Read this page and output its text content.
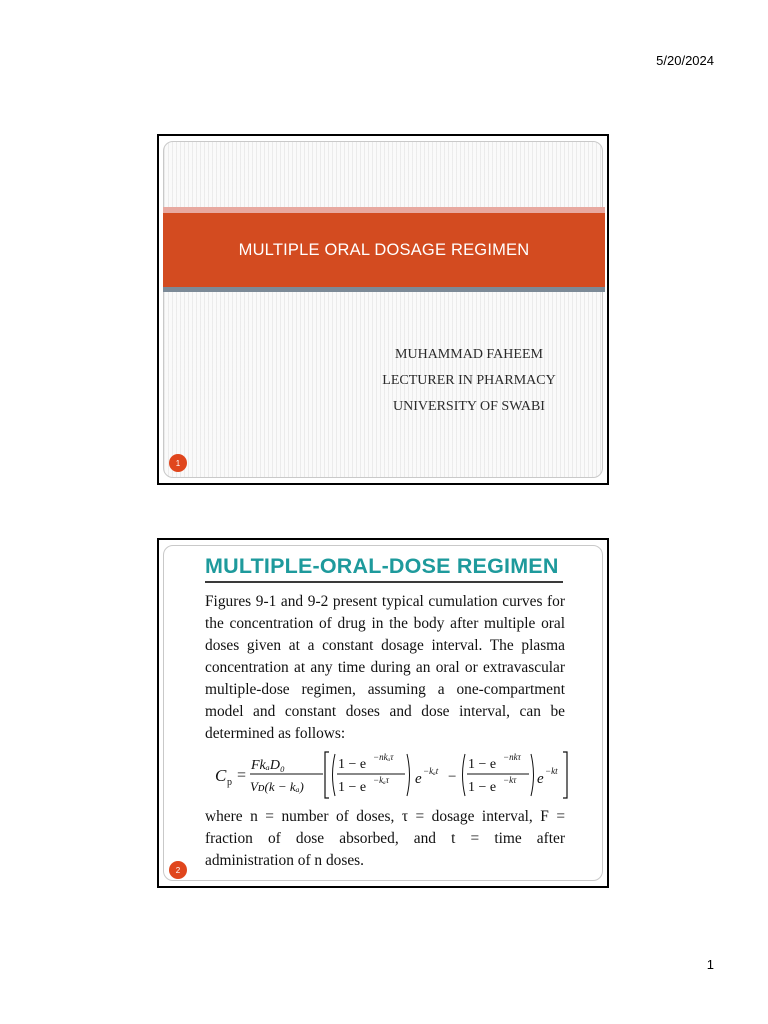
5/20/2024
MULTIPLE ORAL DOSAGE REGIMEN
MUHAMMAD FAHEEM
LECTURER IN PHARMACY
UNIVERSITY OF SWABI
1
MULTIPLE-ORAL-DOSE REGIMEN

Figures 9-1 and 9-2 present typical cumulation curves for the concentration of drug in the body after multiple oral doses given at a constant dosage interval. The plasma concentration at any time during an oral or extravascular multiple-dose regimen, assuming a one-compartment model and constant doses and dose interval, can be determined as follows:

C p =
FkₐD₀
Vᴅ(k − kₐ)
1 − e −nkₐτ
1 − e −kₐτ e −kₐt −
1 − e −nkτ
1 − e −kτ e −kt

where n = number of doses, τ = dosage interval, F = fraction of dose absorbed, and t = time after administration of n doses.

2
1
